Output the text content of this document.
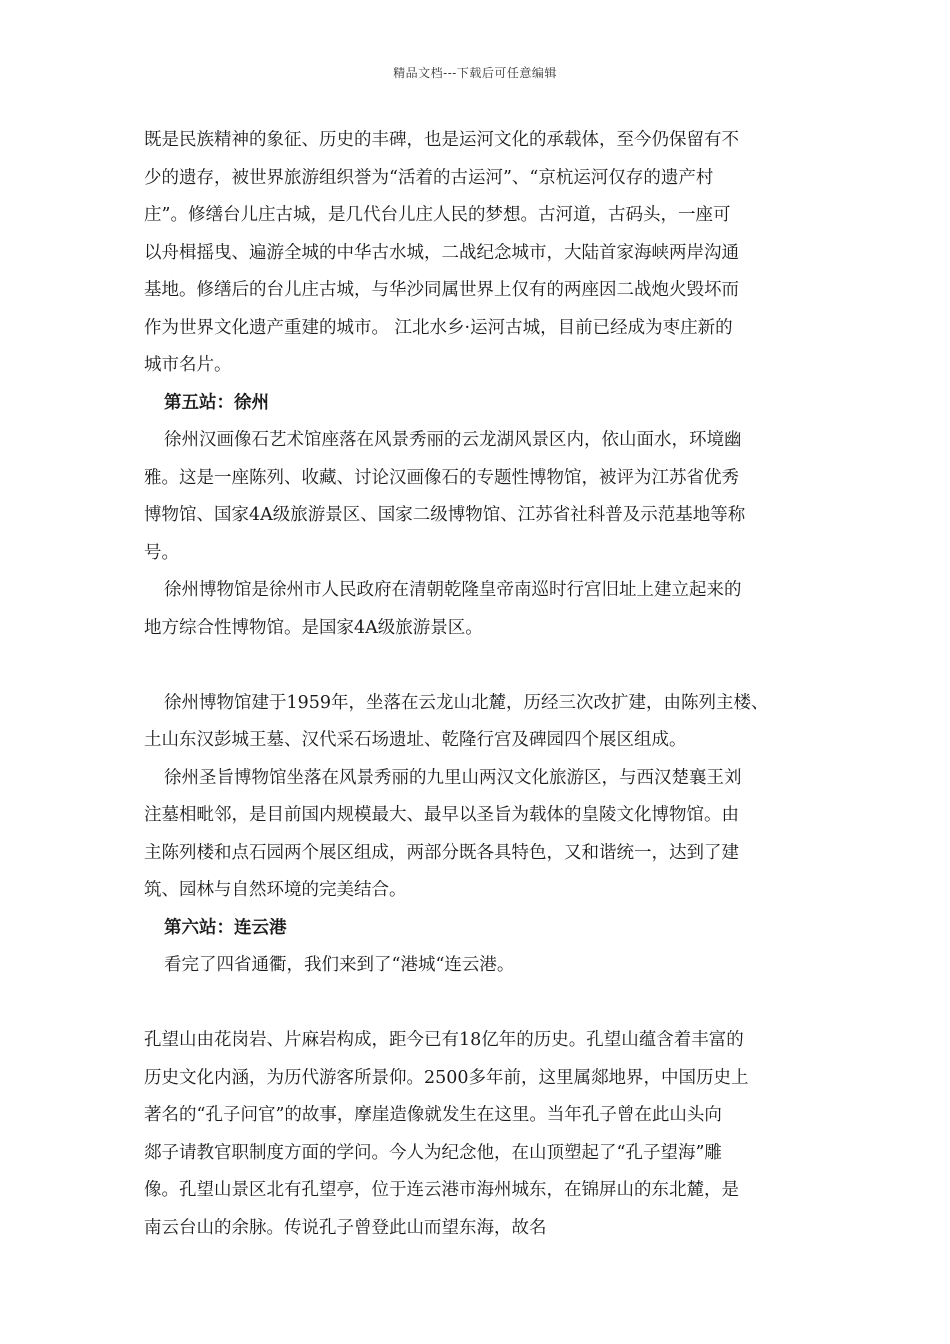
精品文档---下载后可任意编辑
既是民族精神的象征、历史的丰碑，也是运河文化的承载体，至今仍保留有不
少的遗存，被世界旅游组织誉为“活着的古运河”、“京杭运河仅存的遗产村
庄”。修缮台儿庄古城，是几代台儿庄人民的梦想。古河道，古码头，一座可
以舟楫摇曳、遍游全城的中华古水城，二战纪念城市，大陆首家海峡两岸沟通
基地。修缮后的台儿庄古城，与华沙同属世界上仅有的两座因二战炮火毁坏而
作为世界文化遗产重建的城市。 江北水乡·运河古城，目前已经成为枣庄新的
城市名片。
第五站：徐州
徐州汉画像石艺术馆座落在风景秀丽的云龙湖风景区内，依山面水，环境幽
雅。这是一座陈列、收藏、讨论汉画像石的专题性博物馆，被评为江苏省优秀
博物馆、国家4A级旅游景区、国家二级博物馆、江苏省社科普及示范基地等称
号。
徐州博物馆是徐州市人民政府在清朝乾隆皇帝南巡时行宫旧址上建立起来的
地方综合性博物馆。是国家4A级旅游景区。
徐州博物馆建于1959年，坐落在云龙山北麓，历经三次改扩建，由陈列主楼、
土山东汉彭城王墓、汉代采石场遗址、乾隆行宫及碑园四个展区组成。
徐州圣旨博物馆坐落在风景秀丽的九里山两汉文化旅游区，与西汉楚襄王刘
注墓相毗邻，是目前国内规模最大、最早以圣旨为载体的皇陵文化博物馆。由
主陈列楼和点石园两个展区组成，两部分既各具特色，又和谐统一，达到了建
筑、园林与自然环境的完美结合。
第六站：连云港
看完了四省通衢，我们来到了“港城“连云港。
孔望山由花岗岩、片麻岩构成，距今已有18亿年的历史。孔望山蕴含着丰富的
历史文化内涵，为历代游客所景仰。2500多年前，这里属郯地界，中国历史上
著名的“孔子问官”的故事，摩崖造像就发生在这里。当年孔子曾在此山头向
郯子请教官职制度方面的学问。今人为纪念他，在山顶塑起了“孔子望海”雕
像。孔望山景区北有孔望亭，位于连云港市海州城东，在锦屏山的东北麓，是
南云台山的余脉。传说孔子曾登此山而望东海，故名
